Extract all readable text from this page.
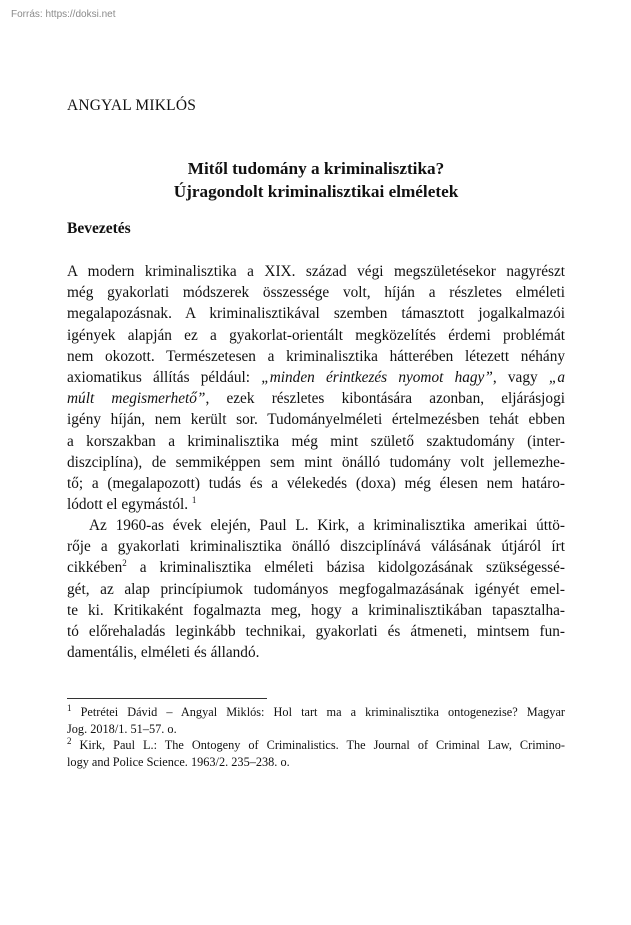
Forrás: https://doksi.net
ANGYAL MIKLÓS
Mitől tudomány a kriminalisztika?
Újragondolt kriminalisztikai elméletek
Bevezetés
A modern kriminalisztika a XIX. század végi megszületésekor nagyrészt
még gyakorlati módszerek összessége volt, híján a részletes elméleti
megalapozásnak. A kriminalisztikával szemben támasztott jogalkalmazói
igények alapján ez a gyakorlat-orientált megközelítés érdemi problémát
nem okozott. Természetesen a kriminalisztika hátterében létezett néhány
axiomatikus állítás például: „minden érintkezés nyomot hagy”, vagy „a
múlt megismerhető”, ezek részletes kibontására azonban, eljárásjogi
igény híján, nem került sor. Tudományelméleti értelmezésben tehát ebben
a korszakban a kriminalisztika még mint születő szaktudomány (inter-
diszciplína), de semmiképpen sem mint önálló tudomány volt jellemezhe-
tő; a (megalapozott) tudás és a vélekedés (doxa) még élesen nem határo-
lódott el egymástól. $^1$
Az 1960-as évek elején, Paul L. Kirk, a kriminalisztika amerikai úttö-
rője a gyakorlati kriminalisztika önálló diszciplínává válásának útjáról írt
cikkében$^2$ a kriminalisztika elméleti bázisa kidolgozásának szükségessé-
gét, az alap princípiumok tudományos megfogalmazásának igényét emel-
te ki. Kritikaként fogalmazta meg, hogy a kriminalisztikában tapasztalha-
tó előrehaladás leginkább technikai, gyakorlati és átmeneti, mintsem fun-
damentális, elméleti és állandó.
$^1$ Petrétei Dávid – Angyal Miklós: Hol tart ma a kriminalisztika ontogenezise? Magyar
Jog. 2018/1. 51–57. o.
$^2$ Kirk, Paul L.: The Ontogeny of Criminalistics. The Journal of Criminal Law, Crimino-
logy and Police Science. 1963/2. 235–238. o.
